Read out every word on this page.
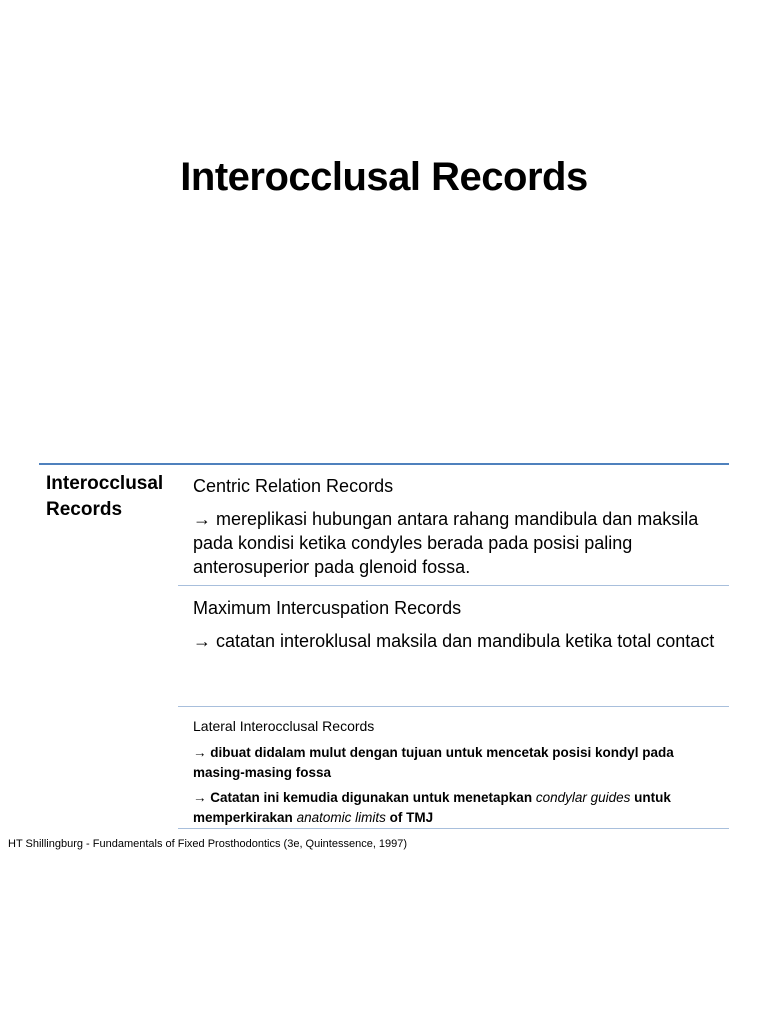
Interocclusal Records
Interocclusal
Records
Centric Relation Records
→ mereplikasi hubungan antara rahang mandibula dan maksila pada kondisi ketika condyles berada pada posisi paling anterosuperior pada glenoid fossa.
Maximum Intercuspation Records
→ catatan interoklusal maksila dan mandibula ketika total contact
Lateral Interocclusal Records
→ dibuat didalam mulut dengan tujuan untuk mencetak posisi kondyl pada masing-masing fossa
→ Catatan ini kemudia digunakan untuk menetapkan condylar guides untuk memperkirakan anatomic limits of TMJ
HT Shillingburg - Fundamentals of Fixed Prosthodontics (3e, Quintessence, 1997)
